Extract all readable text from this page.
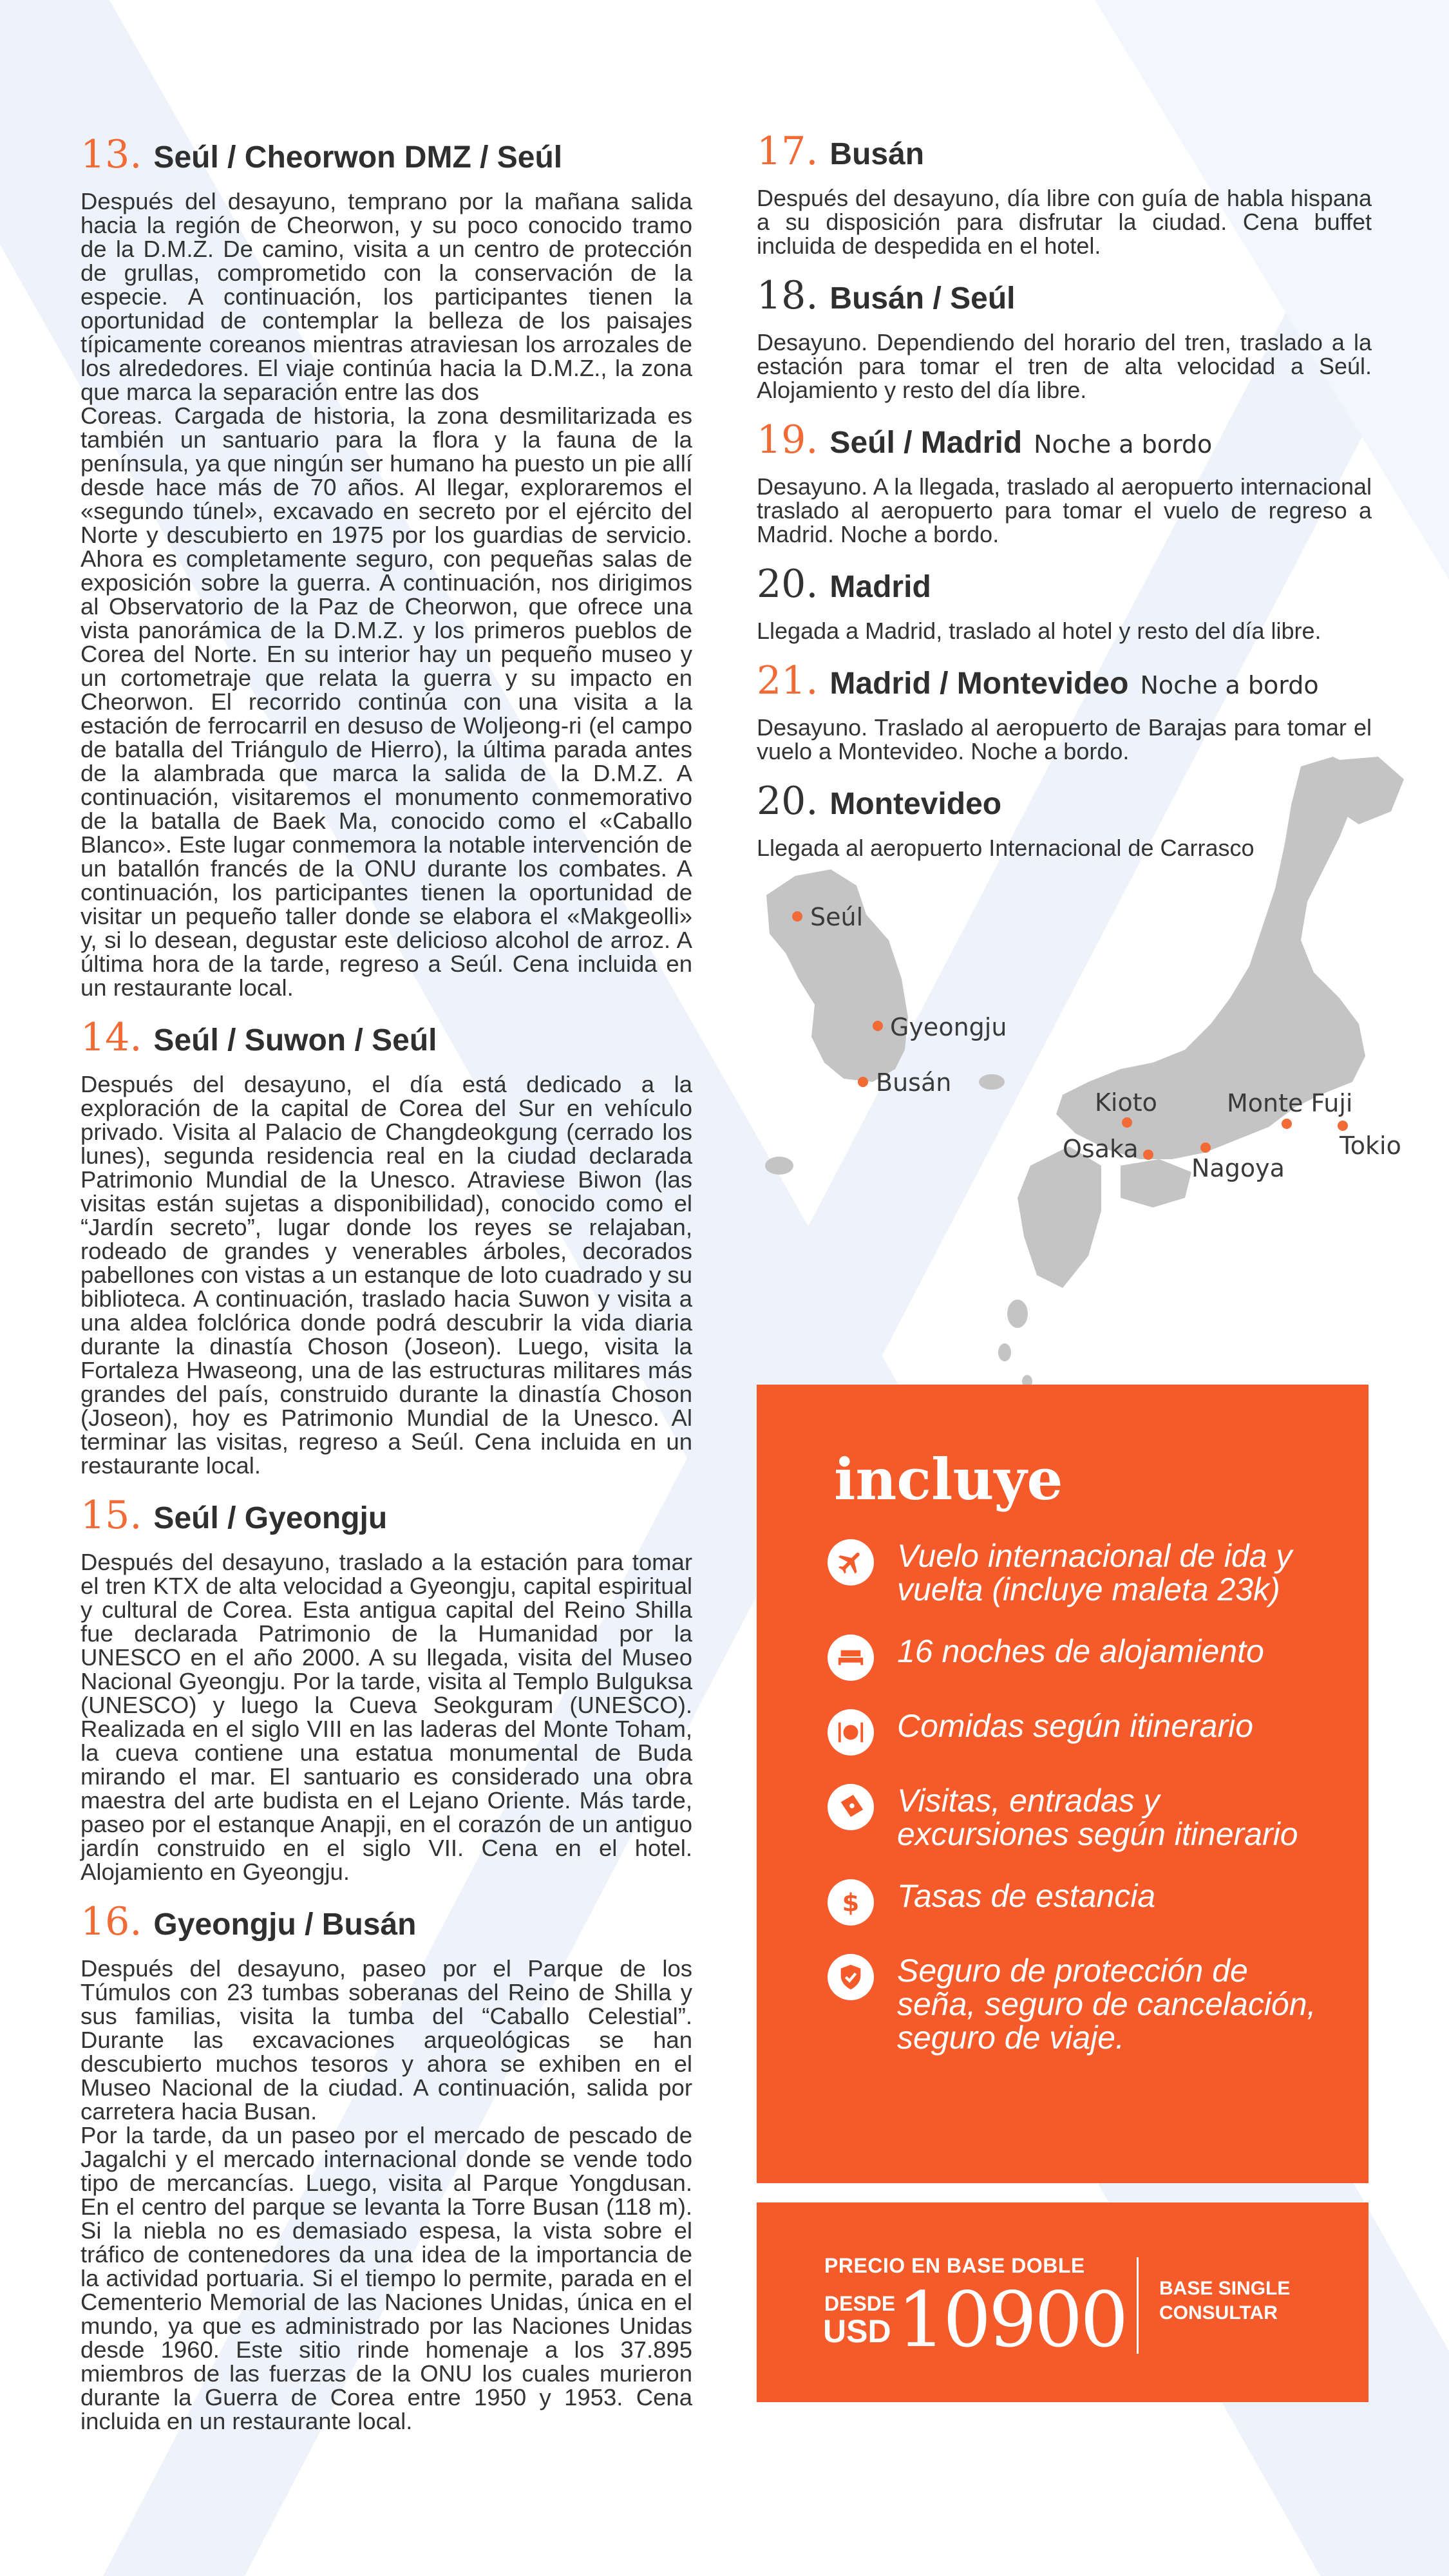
13. Seúl / Cheorwon DMZ / Seúl

Después del desayuno, temprano por la mañana salida hacia la región de Cheorwon, y su poco conocido tramo de la D.M.Z. De camino, visita a un centro de protección de grullas, comprometido con la conservación de la especie. A continuación, los participantes tienen la oportunidad de contemplar la belleza de los paisajes típicamente coreanos mientras atraviesan los arrozales de los alrededores. El viaje continúa hacia la D.M.Z., la zona que marca la separación entre las dos

Coreas. Cargada de historia, la zona desmilitarizada es también un santuario para la flora y la fauna de la península, ya que ningún ser humano ha puesto un pie allí desde hace más de 70 años. Al llegar, exploraremos el «segundo túnel», excavado en secreto por el ejército del Norte y descubierto en 1975 por los guardias de servicio. Ahora es completamente seguro, con pequeñas salas de exposición sobre la guerra. A continuación, nos dirigimos al Observatorio de la Paz de Cheorwon, que ofrece una vista panorámica de la D.M.Z. y los primeros pueblos de Corea del Norte. En su interior hay un pequeño museo y un cortometraje que relata la guerra y su impacto en Cheorwon. El recorrido continúa con una visita a la estación de ferrocarril en desuso de Woljeong-ri (el campo de batalla del Triángulo de Hierro), la última parada antes de la alambrada que marca la salida de la D.M.Z. A continuación, visitaremos el monumento conmemorativo de la batalla de Baek Ma, conocido como el «Caballo Blanco». Este lugar conmemora la notable intervención de un batallón francés de la ONU durante los combates. A continuación, los participantes tienen la oportunidad de visitar un pequeño taller donde se elabora el «Makgeolli» y, si lo desean, degustar este delicioso alcohol de arroz. A última hora de la tarde, regreso a Seúl. Cena incluida en un restaurante local.

14. Seúl / Suwon / Seúl

Después del desayuno, el día está dedicado a la exploración de la capital de Corea del Sur en vehículo privado. Visita al Palacio de Changdeokgung (cerrado los lunes), segunda residencia real en la ciudad declarada Patrimonio Mundial de la Unesco. Atraviese Biwon (las visitas están sujetas a disponibilidad), conocido como el “Jardín secreto”, lugar donde los reyes se relajaban, rodeado de grandes y venerables árboles, decorados pabellones con vistas a un estanque de loto cuadrado y su biblioteca. A continuación, traslado hacia Suwon y visita a una aldea folclórica donde podrá descubrir la vida diaria durante la dinastía Choson (Joseon). Luego, visita la Fortaleza Hwaseong, una de las estructuras militares más grandes del país, construido durante la dinastía Choson (Joseon), hoy es Patrimonio Mundial de la Unesco. Al terminar las visitas, regreso a Seúl. Cena incluida en un restaurante local.

15. Seúl / Gyeongju

Después del desayuno, traslado a la estación para tomar el tren KTX de alta velocidad a Gyeongju, capital espiritual y cultural de Corea. Esta antigua capital del Reino Shilla fue declarada Patrimonio de la Humanidad por la UNESCO en el año 2000. A su llegada, visita del Museo Nacional Gyeongju. Por la tarde, visita al Templo Bulguksa (UNESCO) y luego la Cueva Seokguram (UNESCO). Realizada en el siglo VIII en las laderas del Monte Toham, la cueva contiene una estatua monumental de Buda mirando el mar. El santuario es considerado una obra maestra del arte budista en el Lejano Oriente. Más tarde, paseo por el estanque Anapji, en el corazón de un antiguo jardín construido en el siglo VII. Cena en el hotel. Alojamiento en Gyeongju.

16. Gyeongju / Busán

Después del desayuno, paseo por el Parque de los Túmulos con 23 tumbas soberanas del Reino de Shilla y sus familias, visita la tumba del “Caballo Celestial”. Durante las excavaciones arqueológicas se han descubierto muchos tesoros y ahora se exhiben en el Museo Nacional de la ciudad. A continuación, salida por carretera hacia Busan.

Por la tarde, da un paseo por el mercado de pescado de Jagalchi y el mercado internacional donde se vende todo tipo de mercancías. Luego, visita al Parque Yongdusan. En el centro del parque se levanta la Torre Busan (118 m). Si la niebla no es demasiado espesa, la vista sobre el tráfico de contenedores da una idea de la importancia de la actividad portuaria. Si el tiempo lo permite, parada en el Cementerio Memorial de las Naciones Unidas, única en el mundo, ya que es administrado por las Naciones Unidas desde 1960. Este sitio rinde homenaje a los 37.895 miembros de las fuerzas de la ONU los cuales murieron durante la Guerra de Corea entre 1950 y 1953. Cena incluida en un restaurante local.

17. Busán

Después del desayuno, día libre con guía de habla hispana a su disposición para disfrutar la ciudad. Cena buffet incluida de despedida en el hotel.

18. Busán / Seúl

Desayuno. Dependiendo del horario del tren, traslado a la estación para tomar el tren de alta velocidad a Seúl. Alojamiento y resto del día libre.

19. Seúl / Madrid Noche a bordo

Desayuno. A la llegada, traslado al aeropuerto internacional traslado al aeropuerto para tomar el vuelo de regreso a Madrid. Noche a bordo.

20. Madrid

Llegada a Madrid, traslado al hotel y resto del día libre.

21. Madrid / Montevideo Noche a bordo

Desayuno. Traslado al aeropuerto de Barajas para tomar el vuelo a Montevideo. Noche a bordo.

20. Montevideo

Llegada al aeropuerto Internacional de Carrasco

Seúl
Gyeongju
Busán
Kioto
Osaka
Nagoya
Monte Fuji
Tokio
incluye
Vuelo internacional de ida y vuelta (incluye maleta 23k)
16 noches de alojamiento
Comidas según itinerario
Visitas, entradas y excursiones según itinerario
$ Tasas de estancia
Seguro de protección de seña, seguro de cancelación, seguro de viaje.
PRECIO EN BASE DOBLE
DESDE
USD 10900 BASE SINGLE
CONSULTAR
